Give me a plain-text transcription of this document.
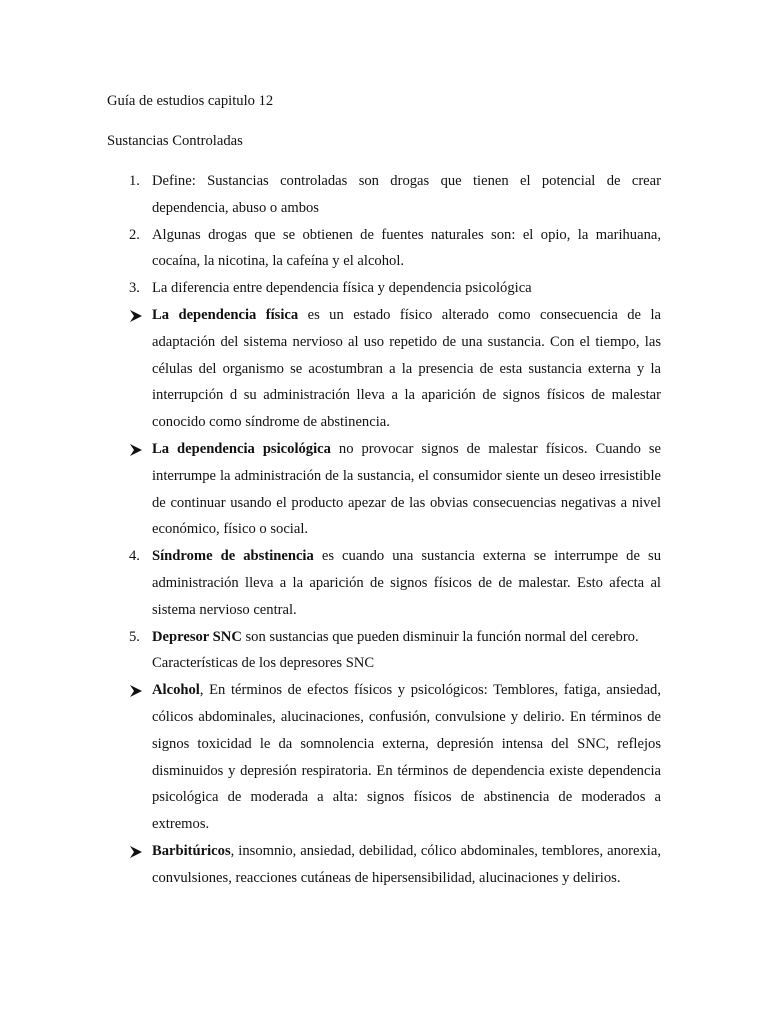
Guía de estudios capitulo 12

Sustancias Controladas

1. Define: Sustancias controladas son drogas que tienen el potencial de crear dependencia, abuso o ambos
2. Algunas drogas que se obtienen de fuentes naturales son: el opio, la marihuana, cocaína, la nicotina, la cafeína y el alcohol.
3. La diferencia entre dependencia física y dependencia psicológica
La dependencia física es un estado físico alterado como consecuencia de la adaptación del sistema nervioso al uso repetido de una sustancia. Con el tiempo, las células del organismo se acostumbran a la presencia de esta sustancia externa y la interrupción d su administración lleva a la aparición de signos físicos de malestar conocido como síndrome de abstinencia.
La dependencia psicológica no provocar signos de malestar físicos. Cuando se interrumpe la administración de la sustancia, el consumidor siente un deseo irresistible de continuar usando el producto apezar de las obvias consecuencias negativas a nivel económico, físico o social.
4. Síndrome de abstinencia es cuando una sustancia externa se interrumpe de su administración lleva a la aparición de signos físicos de de malestar. Esto afecta al sistema nervioso central.
5. Depresor SNC son sustancias que pueden disminuir la función normal del cerebro.
Características de los depresores SNC
Alcohol, En términos de efectos físicos y psicológicos: Temblores, fatiga, ansiedad, cólicos abdominales, alucinaciones, confusión, convulsione y delirio. En términos de signos toxicidad le da somnolencia externa, depresión intensa del SNC, reflejos disminuidos y depresión respiratoria. En términos de dependencia existe dependencia psicológica de moderada a alta: signos físicos de abstinencia de moderados a extremos.
Barbitúricos, insomnio, ansiedad, debilidad, cólico abdominales, temblores, anorexia, convulsiones, reacciones cutáneas de hipersensibilidad, alucinaciones y delirios.
